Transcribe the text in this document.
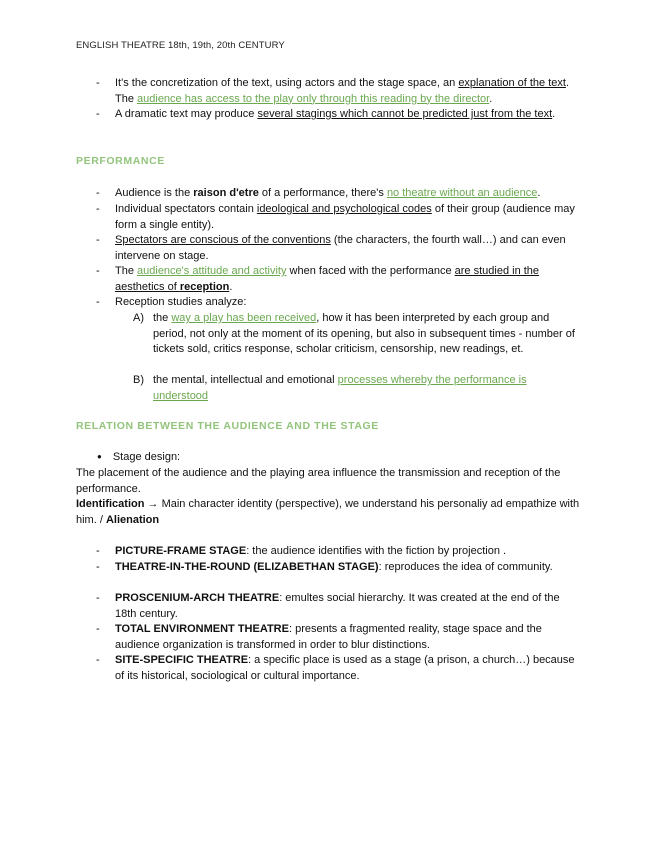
ENGLISH THEATRE 18th, 19th, 20th CENTURY
-	It's the concretization of the text, using actors and the stage space, an explanation of the text. The audience has access to the play only through this reading by the director.
-	A dramatic text may produce several stagings which cannot be predicted just from the text.
PERFORMANCE
-	Audience is the raison d'etre of a performance, there's no theatre without an audience.
-	Individual spectators contain ideological and psychological codes of their group (audience may form a single entity).
-	Spectators are conscious of the conventions (the characters, the fourth wall…) and can even intervene on stage.
-	The audience's attitude and activity when faced with the performance are studied in the aesthetics of reception.
-	Reception studies analyze:
A) the way a play has been received, how it has been interpreted by each group and period, not only at the moment of its opening, but also in subsequent times - number of tickets sold, critics response, scholar criticism, censorship, new readings, et.
B) the mental, intellectual and emotional processes whereby the performance is understood
RELATION BETWEEN THE AUDIENCE AND THE STAGE
● Stage design:
The placement of the audience and the playing area influence the transmission and reception of the performance.
Identification → Main character identity (perspective), we understand his personaliy ad empathize with him. / Alienation
-	PICTURE-FRAME STAGE: the audience identifies with the fiction by projection .
-	THEATRE-IN-THE-ROUND (ELIZABETHAN STAGE): reproduces the idea of community.
-	PROSCENIUM-ARCH THEATRE: emultes social hierarchy. It was created at the end of the 18th century.
-	TOTAL ENVIRONMENT THEATRE: presents a fragmented reality, stage space and the audience organization is transformed in order to blur distinctions.
-	SITE-SPECIFIC THEATRE: a specific place is used as a stage (a prison, a church…) because of its historical, sociological or cultural importance.
